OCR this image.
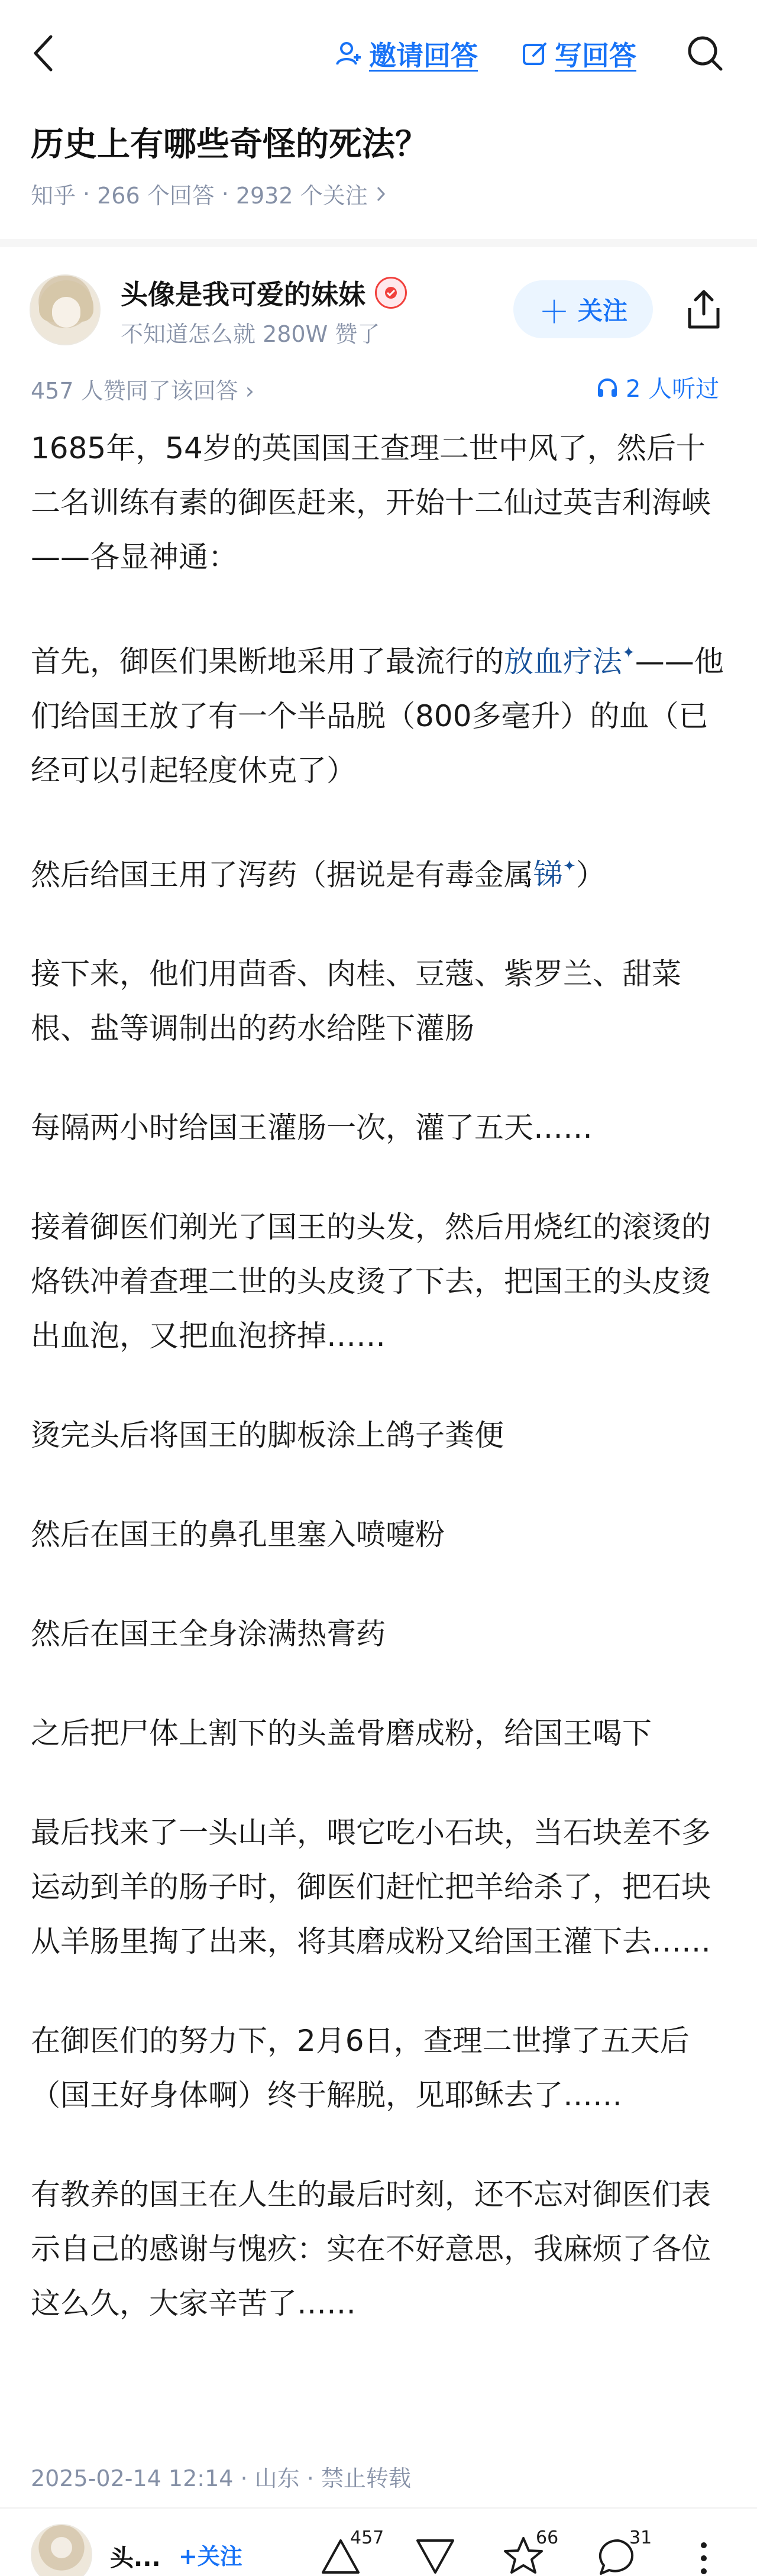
邀请回答	写回答
历史上有哪些奇怪的死法？
知乎 · 266 个回答 · 2932 个关注
头像是我可爱的妹妹
不知道怎么就 280W 赞了
＋ 关注
457 人赞同了该回答 ›	2 人听过

1685年，54岁的英国国王查理二世中风了，然后十二名训练有素的御医赶来，开始十二仙过英吉利海峡——各显神通：

首先，御医们果断地采用了最流行的放血疗法✦——他们给国王放了有一个半品脱（800多毫升）的血（已经可以引起轻度休克了）

然后给国王用了泻药（据说是有毒金属锑✦）

接下来，他们用茴香、肉桂、豆蔻、紫罗兰、甜菜根、盐等调制出的药水给陛下灌肠

每隔两小时给国王灌肠一次，灌了五天……

接着御医们剃光了国王的头发，然后用烧红的滚烫的烙铁冲着查理二世的头皮烫了下去，把国王的头皮烫出血泡，又把血泡挤掉……

烫完头后将国王的脚板涂上鸽子粪便

然后在国王的鼻孔里塞入喷嚏粉

然后在国王全身涂满热膏药

之后把尸体上割下的头盖骨磨成粉，给国王喝下

最后找来了一头山羊，喂它吃小石块，当石块差不多运动到羊的肠子时，御医们赶忙把羊给杀了，把石块从羊肠里掏了出来，将其磨成粉又给国王灌下去……

在御医们的努力下，2月6日，查理二世撑了五天后（国王好身体啊）终于解脱，见耶稣去了……

有教养的国王在人生的最后时刻，还不忘对御医们表示自己的感谢与愧疚：实在不好意思，我麻烦了各位这么久，大家辛苦了……

2025-02-14 12:14 · 山东 · 禁止转载
头... +关注
457	66	31
